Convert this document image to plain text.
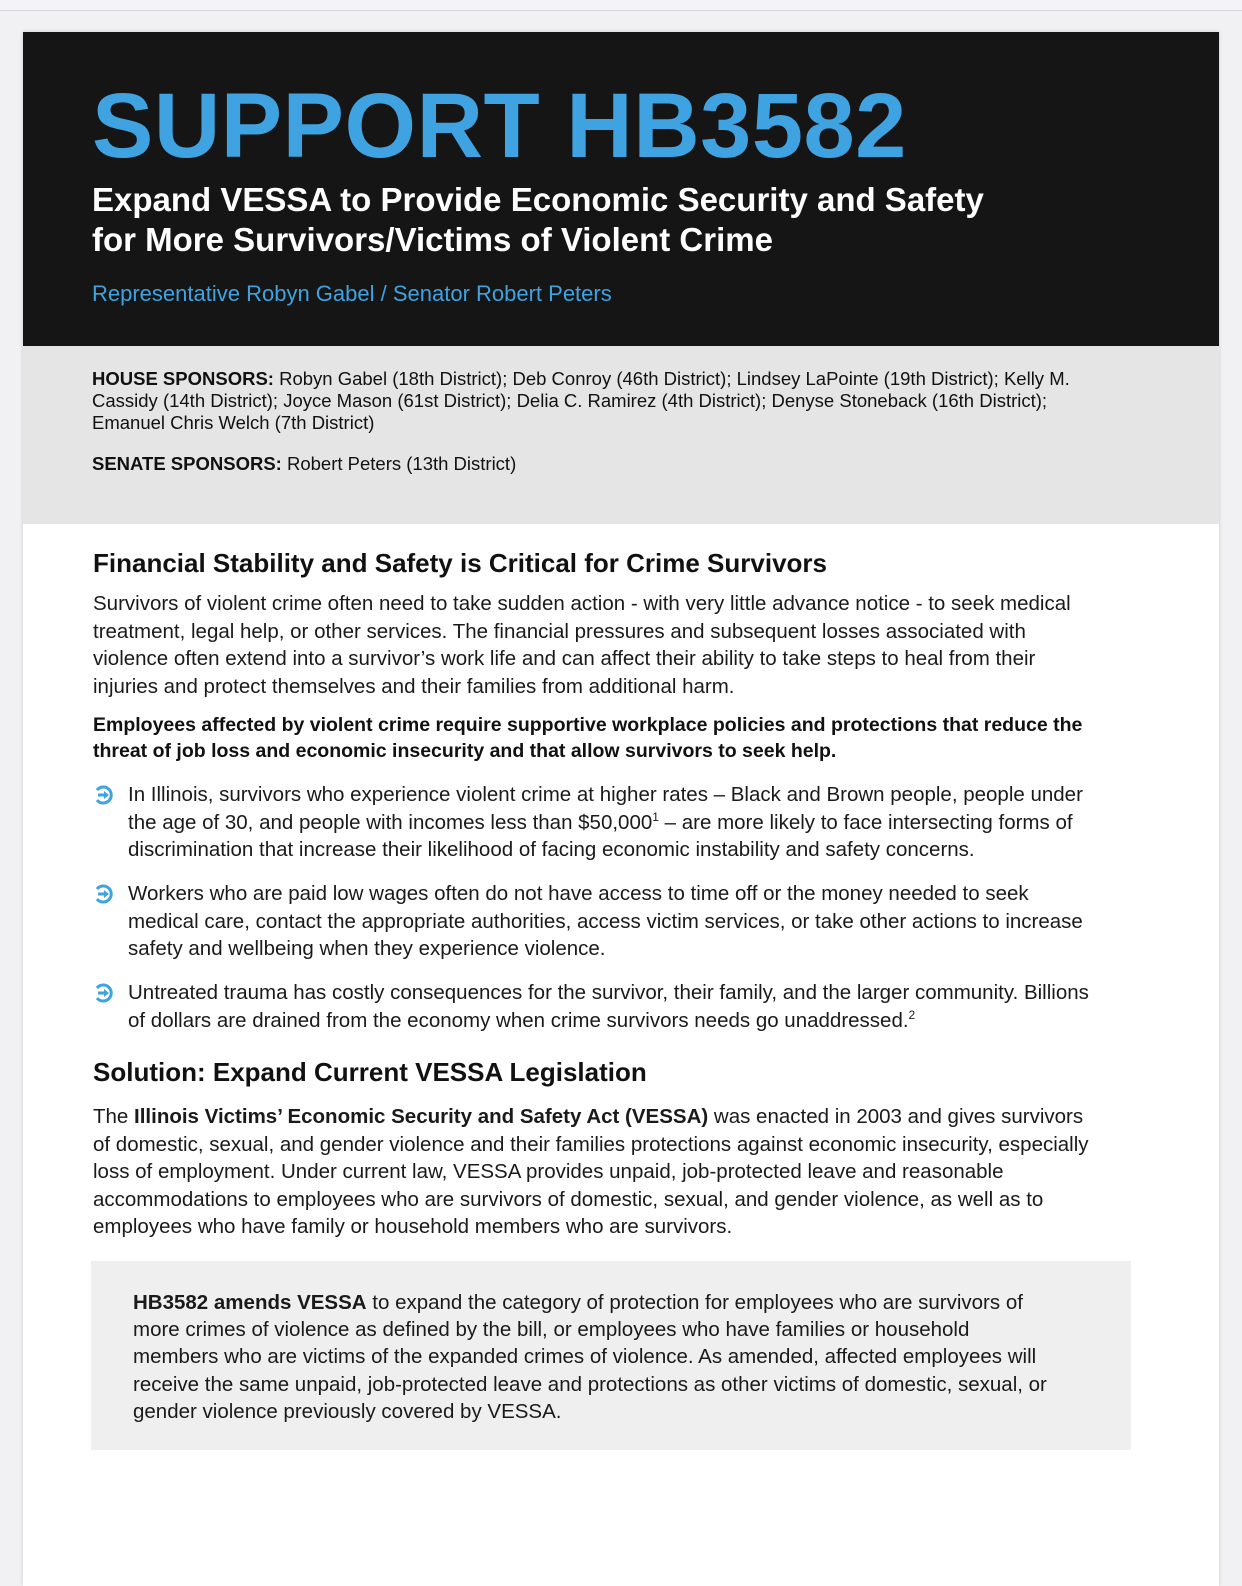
SUPPORT HB3582
Expand VESSA to Provide Economic Security and Safety
for More Survivors/Victims of Violent Crime
Representative Robyn Gabel / Senator Robert Peters
HOUSE SPONSORS: Robyn Gabel (18th District); Deb Conroy (46th District); Lindsey LaPointe (19th District); Kelly M.
Cassidy (14th District); Joyce Mason (61st District); Delia C. Ramirez (4th District); Denyse Stoneback (16th District);
Emanuel Chris Welch (7th District)
SENATE SPONSORS: Robert Peters (13th District)
Financial Stability and Safety is Critical for Crime Survivors
Survivors of violent crime often need to take sudden action - with very little advance notice - to seek medical
treatment, legal help, or other services. The financial pressures and subsequent losses associated with
violence often extend into a survivor’s work life and can affect their ability to take steps to heal from their
injuries and protect themselves and their families from additional harm.
Employees affected by violent crime require supportive workplace policies and protections that reduce the
threat of job loss and economic insecurity and that allow survivors to seek help.
In Illinois, survivors who experience violent crime at higher rates – Black and Brown people, people under
the age of 30, and people with incomes less than $50,000$^1$ – are more likely to face intersecting forms of
discrimination that increase their likelihood of facing economic instability and safety concerns.
Workers who are paid low wages often do not have access to time off or the money needed to seek
medical care, contact the appropriate authorities, access victim services, or take other actions to increase
safety and wellbeing when they experience violence.
Untreated trauma has costly consequences for the survivor, their family, and the larger community. Billions
of dollars are drained from the economy when crime survivors needs go unaddressed.$^2$
Solution: Expand Current VESSA Legislation
The Illinois Victims’ Economic Security and Safety Act (VESSA) was enacted in 2003 and gives survivors
of domestic, sexual, and gender violence and their families protections against economic insecurity, especially
loss of employment. Under current law, VESSA provides unpaid, job-protected leave and reasonable
accommodations to employees who are survivors of domestic, sexual, and gender violence, as well as to
employees who have family or household members who are survivors.
HB3582 amends VESSA to expand the category of protection for employees who are survivors of
more crimes of violence as defined by the bill, or employees who have families or household
members who are victims of the expanded crimes of violence. As amended, affected employees will
receive the same unpaid, job-protected leave and protections as other victims of domestic, sexual, or
gender violence previously covered by VESSA.
